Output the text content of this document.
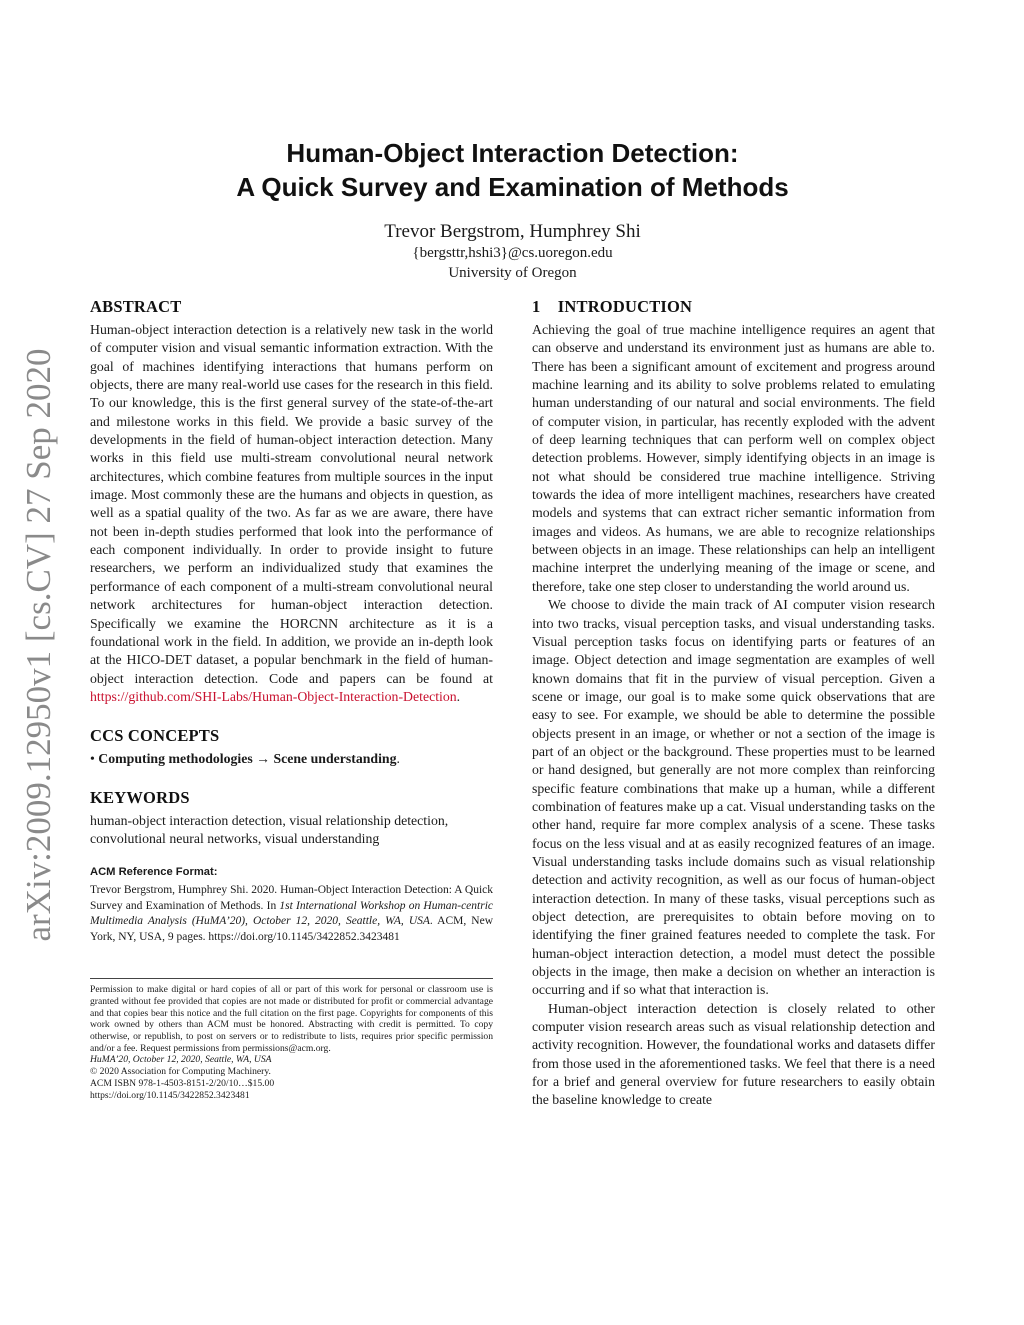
arXiv:2009.12950v1 [cs.CV] 27 Sep 2020
Human-Object Interaction Detection:
A Quick Survey and Examination of Methods
Trevor Bergstrom, Humphrey Shi
{bergsttr,hshi3}@cs.uoregon.edu
University of Oregon
ABSTRACT

Human-object interaction detection is a relatively new task in the world of computer vision and visual semantic information extraction. With the goal of machines identifying interactions that humans perform on objects, there are many real-world use cases for the research in this field. To our knowledge, this is the first general survey of the state-of-the-art and milestone works in this field. We provide a basic survey of the developments in the field of human-object interaction detection. Many works in this field use multi-stream convolutional neural network architectures, which combine features from multiple sources in the input image. Most commonly these are the humans and objects in question, as well as a spatial quality of the two. As far as we are aware, there have not been in-depth studies performed that look into the performance of each component individually. In order to provide insight to future researchers, we perform an individualized study that examines the performance of each component of a multi-stream convolutional neural network architectures for human-object interaction detection. Specifically we examine the HORCNN architecture as it is a foundational work in the field. In addition, we provide an in-depth look at the HICO-DET dataset, a popular benchmark in the field of human-object interaction detection. Code and papers can be found at https://github.com/SHI-Labs/Human-Object-Interaction-Detection.

CCS CONCEPTS

• Computing methodologies → Scene understanding.

KEYWORDS

human-object interaction detection, visual relationship detection, convolutional neural networks, visual understanding

ACM Reference Format:

Trevor Bergstrom, Humphrey Shi. 2020. Human-Object Interaction Detection: A Quick Survey and Examination of Methods. In 1st International Workshop on Human-centric Multimedia Analysis (HuMA’20), October 12, 2020, Seattle, WA, USA. ACM, New York, NY, USA, 9 pages. https://doi.org/10.1145/3422852.3423481

Permission to make digital or hard copies of all or part of this work for personal or classroom use is granted without fee provided that copies are not made or distributed for profit or commercial advantage and that copies bear this notice and the full citation on the first page. Copyrights for components of this work owned by others than ACM must be honored. Abstracting with credit is permitted. To copy otherwise, or republish, to post on servers or to redistribute to lists, requires prior specific permission and/or a fee. Request permissions from permissions@acm.org.

HuMA’20, October 12, 2020, Seattle, WA, USA

© 2020 Association for Computing Machinery.

ACM ISBN 978-1-4503-8151-2/20/10…$15.00

https://doi.org/10.1145/3422852.3423481

1    INTRODUCTION

Achieving the goal of true machine intelligence requires an agent that can observe and understand its environment just as humans are able to. There has been a significant amount of excitement and progress around machine learning and its ability to solve problems related to emulating human understanding of our natural and social environments. The field of computer vision, in particular, has recently exploded with the advent of deep learning techniques that can perform well on complex object detection problems. However, simply identifying objects in an image is not what should be considered true machine intelligence. Striving towards the idea of more intelligent machines, researchers have created models and systems that can extract richer semantic information from images and videos. As humans, we are able to recognize relationships between objects in an image. These relationships can help an intelligent machine interpret the underlying meaning of the image or scene, and therefore, take one step closer to understanding the world around us.

We choose to divide the main track of AI computer vision research into two tracks, visual perception tasks, and visual understanding tasks. Visual perception tasks focus on identifying parts or features of an image. Object detection and image segmentation are examples of well known domains that fit in the purview of visual perception. Given a scene or image, our goal is to make some quick observations that are easy to see. For example, we should be able to determine the possible objects present in an image, or whether or not a section of the image is part of an object or the background. These properties must to be learned or hand designed, but generally are not more complex than reinforcing specific feature combinations that make up a human, while a different combination of features make up a cat. Visual understanding tasks on the other hand, require far more complex analysis of a scene. These tasks focus on the less visual and at as easily recognized features of an image. Visual understanding tasks include domains such as visual relationship detection and activity recognition, as well as our focus of human-object interaction detection. In many of these tasks, visual perceptions such as object detection, are prerequisites to obtain before moving on to identifying the finer grained features needed to complete the task. For human-object interaction detection, a model must detect the possible objects in the image, then make a decision on whether an interaction is occurring and if so what that interaction is.

Human-object interaction detection is closely related to other computer vision research areas such as visual relationship detection and activity recognition. However, the foundational works and datasets differ from those used in the aforementioned tasks. We feel that there is a need for a brief and general overview for future researchers to easily obtain the baseline knowledge to create
